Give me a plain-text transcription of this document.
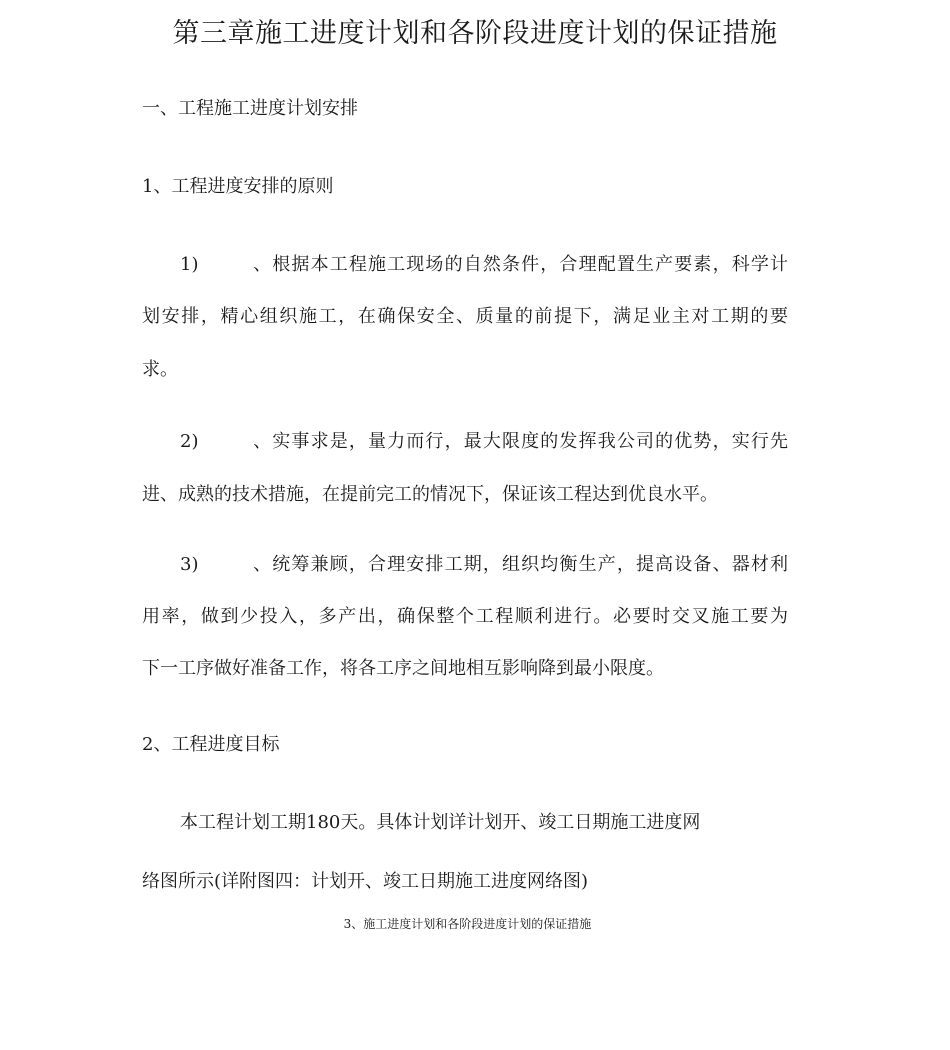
第三章施工进度计划和各阶段进度计划的保证措施
一、工程施工进度计划安排
1、工程进度安排的原则
1)	、根据本工程施工现场的自然条件，合理配置生产要素，科学计
划安排，精心组织施工，在确保安全、质量的前提下，满足业主对工期的要
求。
2)	、实事求是，量力而行，最大限度的发挥我公司的优势，实行先
进、成熟的技术措施，在提前完工的情况下，保证该工程达到优良水平。
3)	、统筹兼顾，合理安排工期，组织均衡生产，提高设备、器材利
用率，做到少投入，多产出，确保整个工程顺利进行。必要时交叉施工要为
下一工序做好准备工作，将各工序之间地相互影响降到最小限度。
2、工程进度目标
本工程计划工期180天。具体计划详计划开、竣工日期施工进度网
络图所示(详附图四：计划开、竣工日期施工进度网络图)
3、施工进度计划和各阶段进度计划的保证措施
